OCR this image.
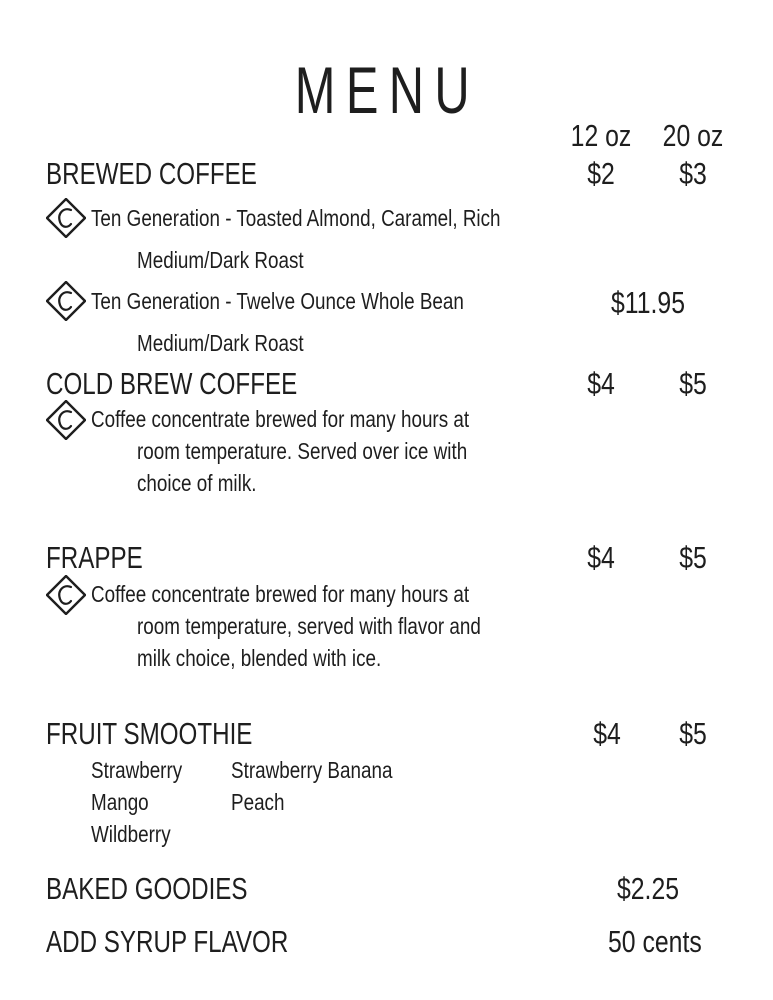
MENU
12 oz	20 oz
BREWED COFFEE	$2	$3
Ten Generation - Toasted Almond, Caramel, Rich
Medium/Dark Roast
Ten Generation - Twelve Ounce Whole Bean
Medium/Dark Roast
$11.95
COLD BREW COFFEE	$4	$5
Coffee concentrate brewed for many hours at
room temperature. Served over ice with
choice of milk.
FRAPPE	$4	$5
Coffee concentrate brewed for many hours at
room temperature, served with flavor and
milk choice, blended with ice.
FRUIT SMOOTHIE	$4	$5
Strawberry
Mango
Wildberry
Strawberry Banana
Peach
BAKED GOODIES	$2.25
ADD SYRUP FLAVOR	50 cents
